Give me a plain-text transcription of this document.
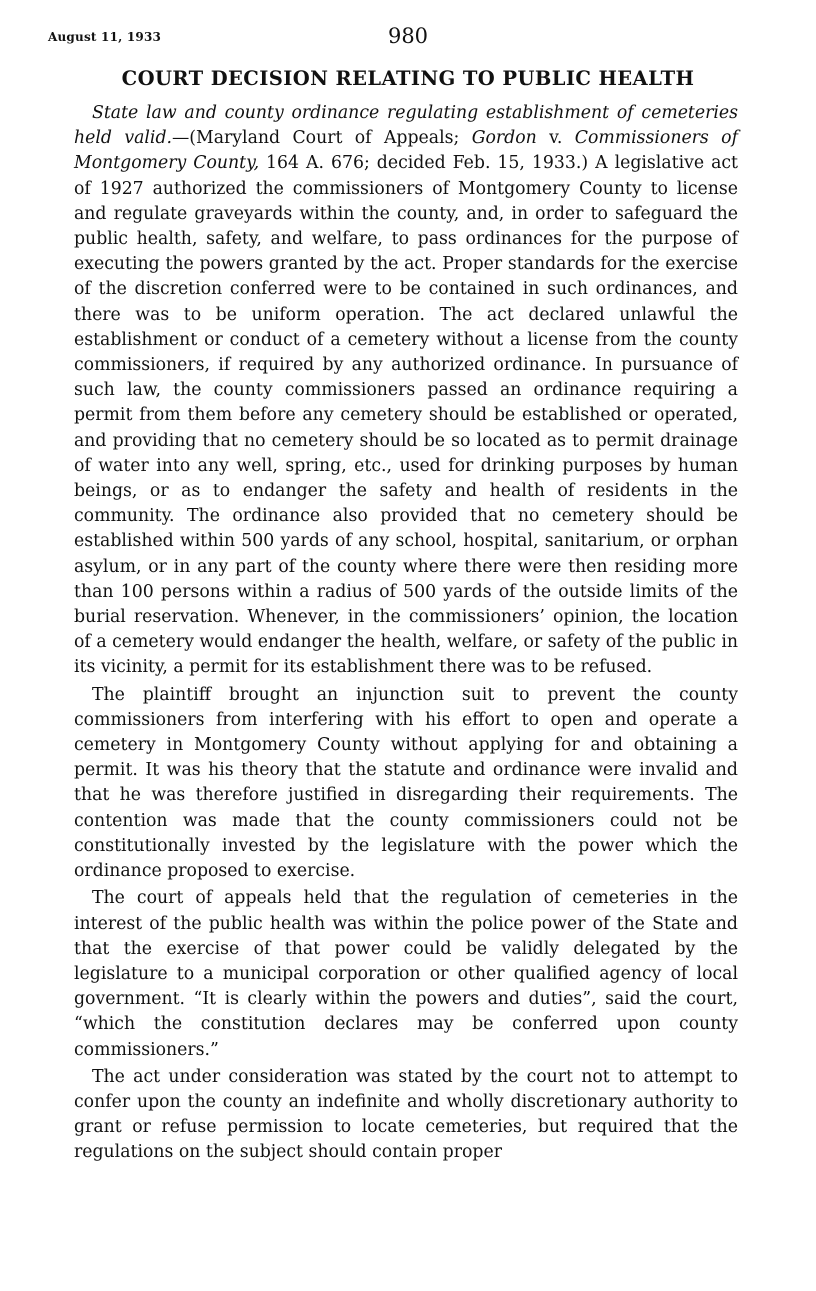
August 11, 1933	980
COURT DECISION RELATING TO PUBLIC HEALTH

State law and county ordinance regulating establishment of cemeteries held valid.—(Maryland Court of Appeals; Gordon v. Commissioners of Montgomery County, 164 A. 676; decided Feb. 15, 1933.) A legislative act of 1927 authorized the commissioners of Montgomery County to license and regulate graveyards within the county, and, in order to safeguard the public health, safety, and welfare, to pass ordinances for the purpose of executing the powers granted by the act. Proper standards for the exercise of the discretion conferred were to be contained in such ordinances, and there was to be uniform operation. The act declared unlawful the establishment or conduct of a cemetery without a license from the county commissioners, if required by any authorized ordinance. In pursuance of such law, the county commissioners passed an ordinance requiring a permit from them before any cemetery should be established or operated, and providing that no cemetery should be so located as to permit drainage of water into any well, spring, etc., used for drinking purposes by human beings, or as to endanger the safety and health of residents in the community. The ordinance also provided that no cemetery should be established within 500 yards of any school, hospital, sanitarium, or orphan asylum, or in any part of the county where there were then residing more than 100 persons within a radius of 500 yards of the outside limits of the burial reservation. Whenever, in the commissioners’ opinion, the location of a cemetery would endanger the health, welfare, or safety of the public in its vicinity, a permit for its establishment there was to be refused.

The plaintiff brought an injunction suit to prevent the county commissioners from interfering with his effort to open and operate a cemetery in Montgomery County without applying for and obtaining a permit. It was his theory that the statute and ordinance were invalid and that he was therefore justified in disregarding their requirements. The contention was made that the county commissioners could not be constitutionally invested by the legislature with the power which the ordinance proposed to exercise.

The court of appeals held that the regulation of cemeteries in the interest of the public health was within the police power of the State and that the exercise of that power could be validly delegated by the legislature to a municipal corporation or other qualified agency of local government. “It is clearly within the powers and duties”, said the court, “which the constitution declares may be conferred upon county commissioners.”

The act under consideration was stated by the court not to attempt to confer upon the county an indefinite and wholly discretionary authority to grant or refuse permission to locate cemeteries, but required that the regulations on the subject should contain proper
